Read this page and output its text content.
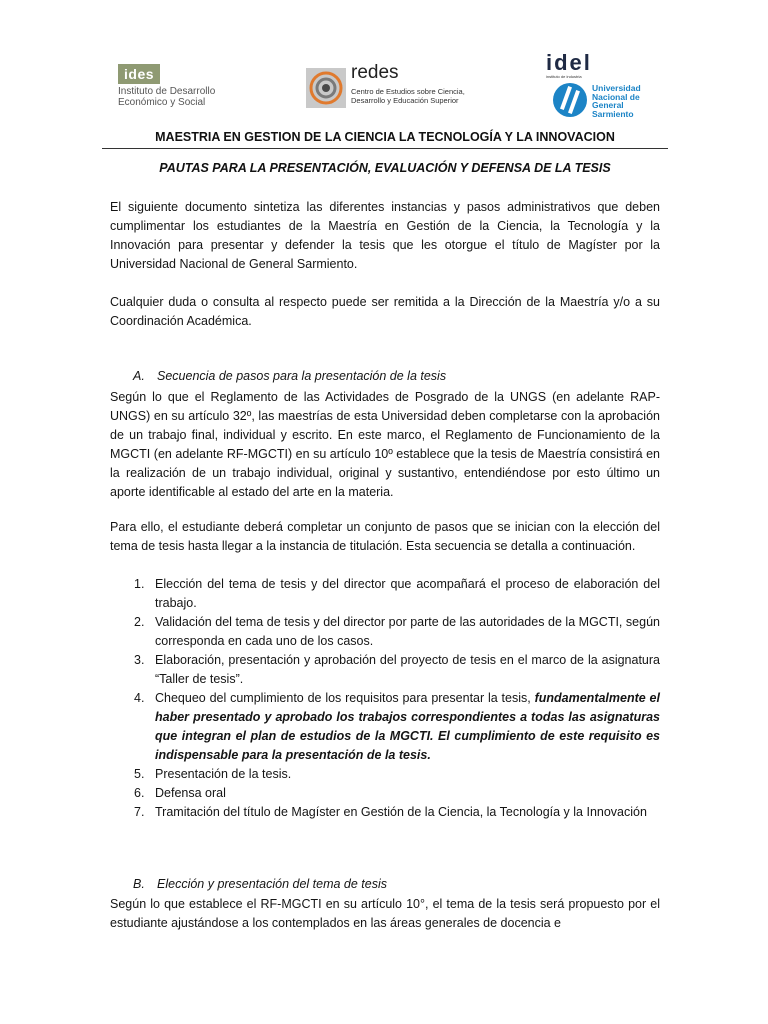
ides
Instituto de Desarrollo
Económico y Social
redes
Centro de Estudios sobre Ciencia,
Desarrollo y Educación Superior
idel
instituto de industria
Universidad
Nacional de
General
Sarmiento
MAESTRIA EN GESTION DE LA CIENCIA LA TECNOLOGÍA Y LA INNOVACION
PAUTAS PARA LA PRESENTACIÓN, EVALUACIÓN Y DEFENSA DE LA TESIS

El siguiente documento sintetiza las diferentes instancias y pasos administrativos que deben cumplimentar los estudiantes de la Maestría en Gestión de la Ciencia, la Tecnología y la Innovación para presentar y defender la tesis que les otorgue el título de Magíster por la Universidad Nacional de General Sarmiento.

Cualquier duda o consulta al respecto puede ser remitida a la Dirección de la Maestría y/o a su Coordinación Académica.

A. Secuencia de pasos para la presentación de la tesis

Según lo que el Reglamento de las Actividades de Posgrado de la UNGS (en adelante RAP-UNGS) en su artículo 32º, las maestrías de esta Universidad deben completarse con la aprobación de un trabajo final, individual y escrito. En este marco, el Reglamento de Funcionamiento de la MGCTI (en adelante RF-MGCTI) en su artículo 10º establece que la tesis de Maestría consistirá en la realización de un trabajo individual, original y sustantivo, entendiéndose por esto último un aporte identificable al estado del arte en la materia.

Para ello, el estudiante deberá completar un conjunto de pasos que se inician con la elección del tema de tesis hasta llegar a la instancia de titulación. Esta secuencia se detalla a continuación.

1. Elección del tema de tesis y del director que acompañará el proceso de elaboración del trabajo.
2. Validación del tema de tesis y del director por parte de las autoridades de la MGCTI, según corresponda en cada uno de los casos.
3. Elaboración, presentación y aprobación del proyecto de tesis en el marco de la asignatura “Taller de tesis”.
4. Chequeo del cumplimiento de los requisitos para presentar la tesis, fundamentalmente el haber presentado y aprobado los trabajos correspondientes a todas las asignaturas que integran el plan de estudios de la MGCTI. El cumplimiento de este requisito es indispensable para la presentación de la tesis.
5. Presentación de la tesis.
6. Defensa oral
7. Tramitación del título de Magíster en Gestión de la Ciencia, la Tecnología y la Innovación
B. Elección y presentación del tema de tesis

Según lo que establece el RF-MGCTI en su artículo 10°, el tema de la tesis será propuesto por el estudiante ajustándose a los contemplados en las áreas generales de docencia e
